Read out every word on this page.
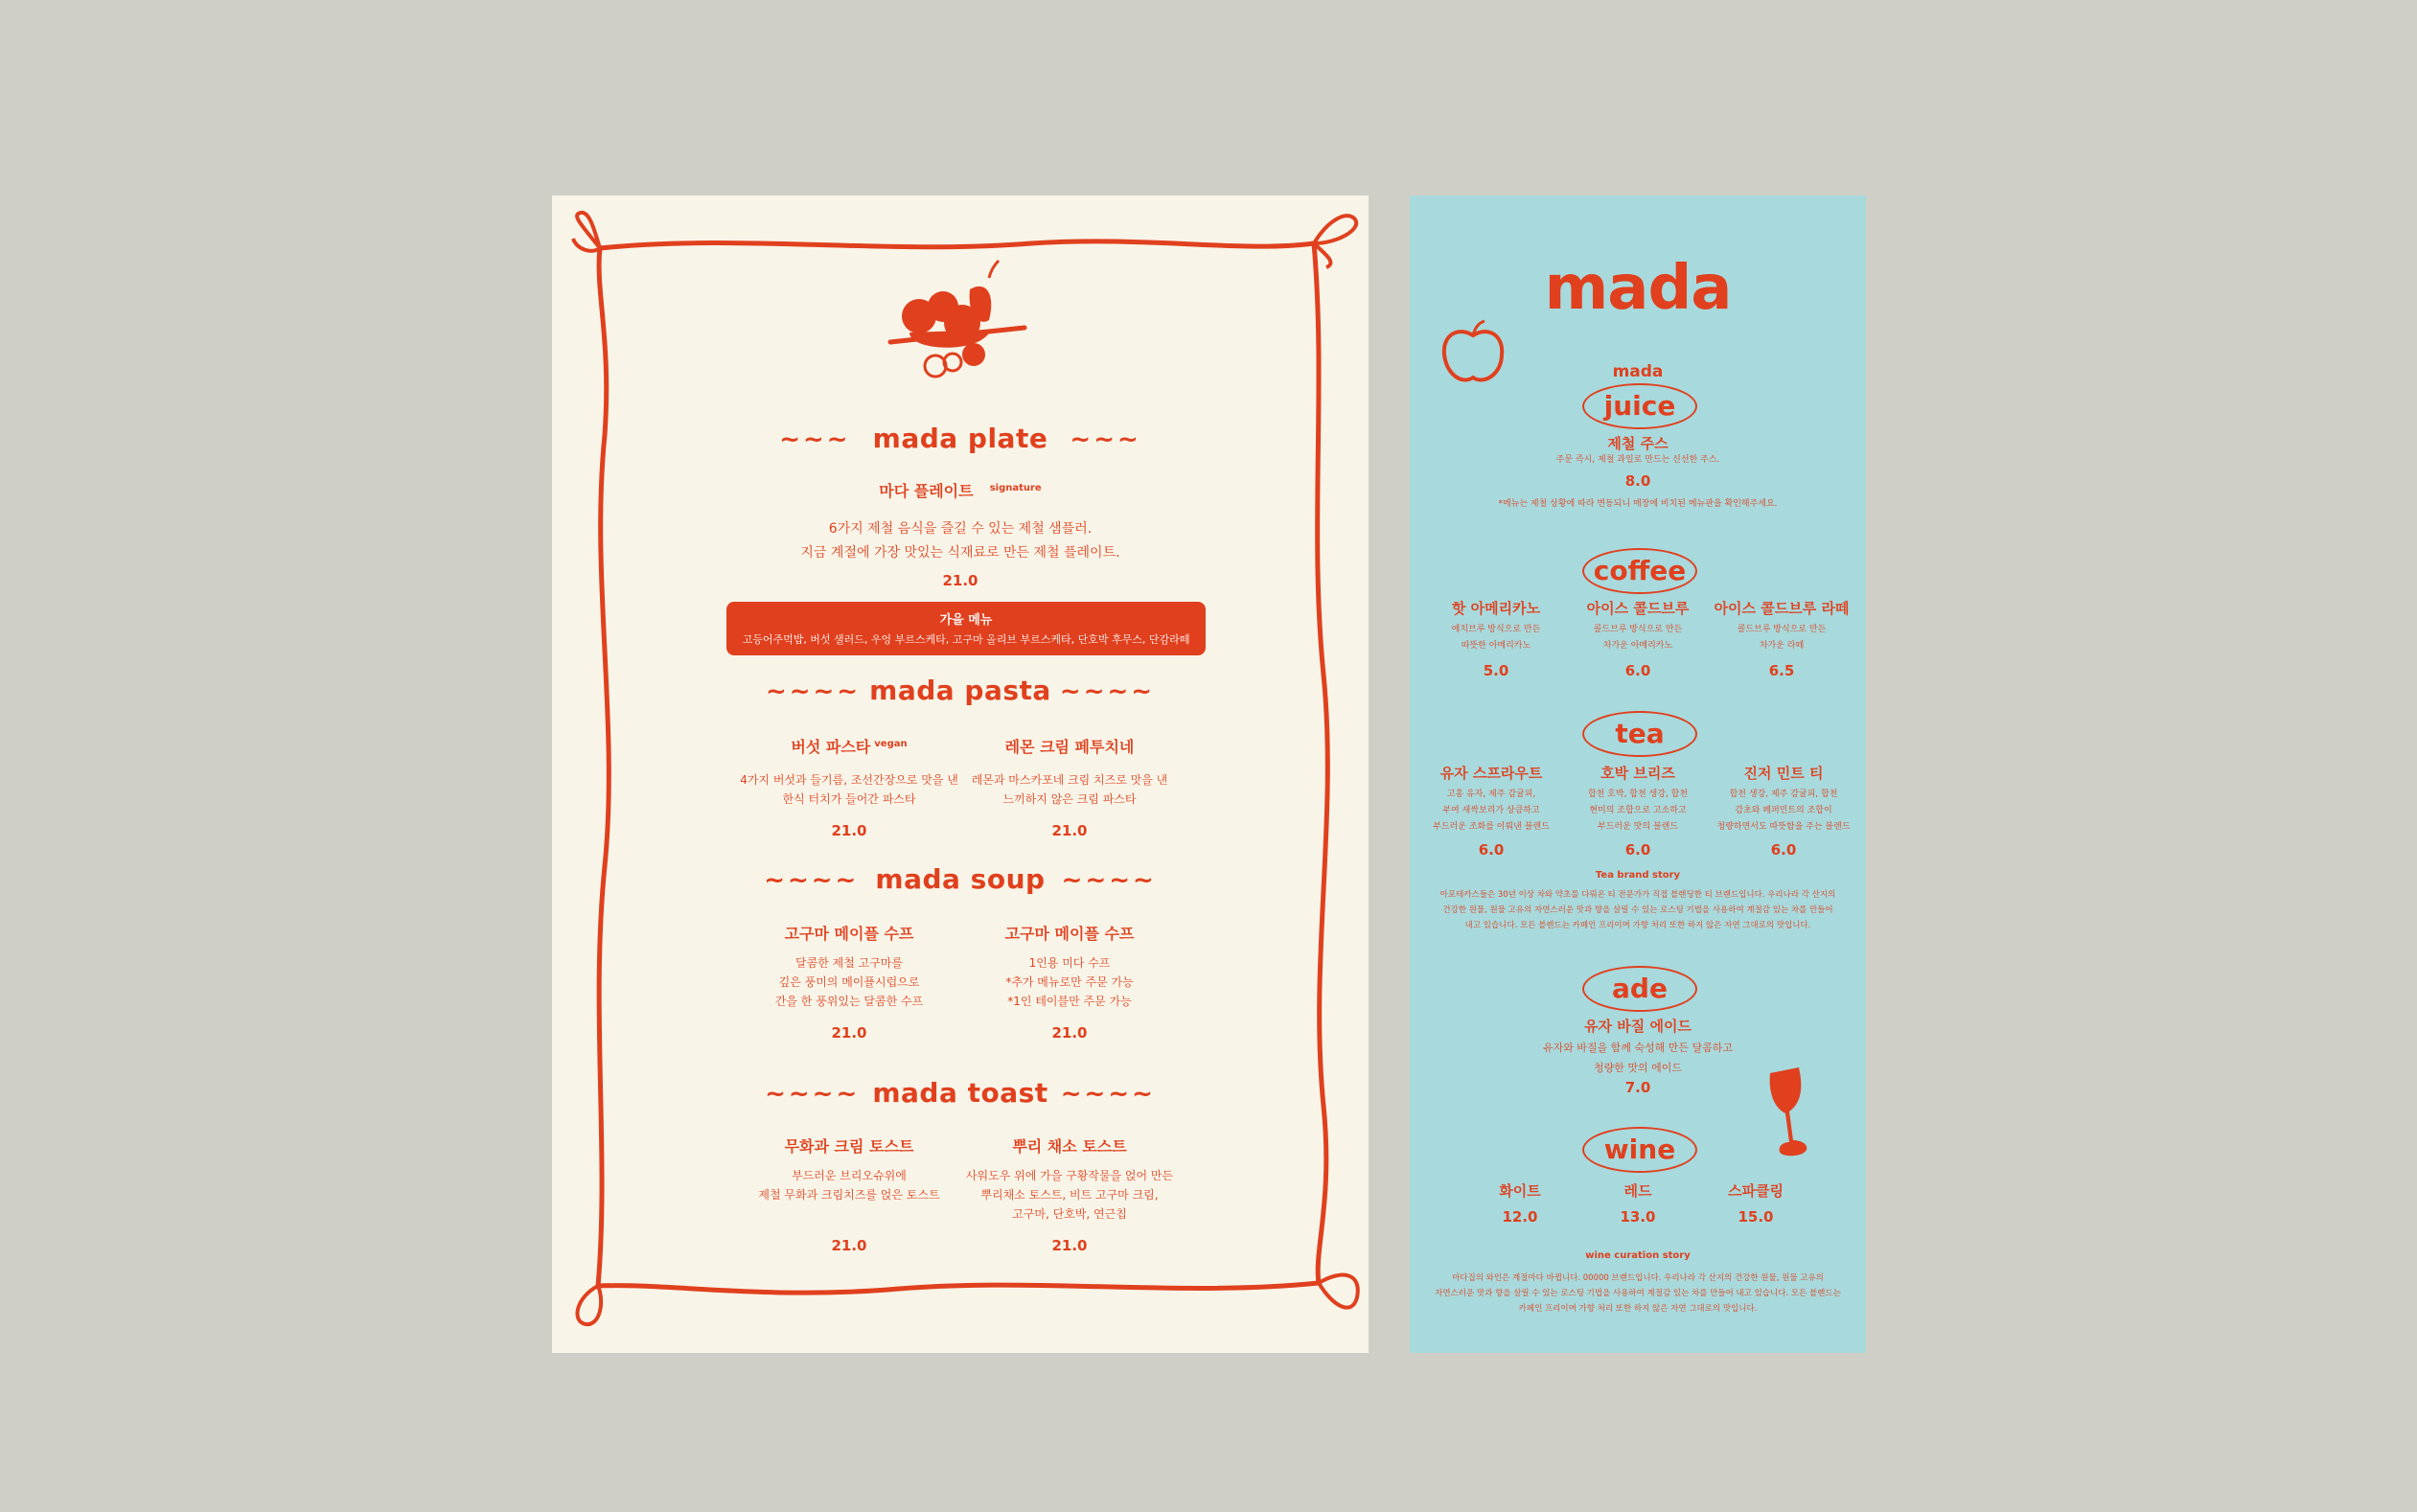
~~~ mada plate ~~~
마다 플레이트 $^{signature}$
6가지 제철 음식을 즐길 수 있는 제철 샘플러.
지금 계절에 가장 맛있는 식재료로 만든 제철 플레이트.
21.0
가을 메뉴
고등어주먹밥, 버섯 샐러드, 우엉 부르스케타, 고구마 올리브 부르스케타, 단호박 후무스, 단감라떼
~~~~ mada pasta ~~~~
버섯 파스타 $^{vegan}$
4가지 버섯과 들기름, 조선간장으로 맛을 낸
한식 터치가 들어간 파스타
21.0
레몬 크림 페투치네
레몬과 마스카포네 크림 치즈로 맛을 낸
느끼하지 않은 크림 파스타
21.0
~~~~ mada soup ~~~~
고구마 메이플 수프
달콤한 제철 고구마를
깊은 풍미의 메이플시럽으로
간을 한 풍위있는 달콤한 수프
21.0
고구마 메이플 수프
1인용 미다 수프
*추가 메뉴로만 주문 가능
*1인 테이블만 주문 가능
21.0
~~~~ mada toast ~~~~
무화과 크림 토스트
부드러운 브리오슈위에
제철 무화과 크림치즈를 얹은 토스트
21.0
뿌리 채소 토스트
사워도우 위에 가을 구황작물을 얹어 만든
뿌리채소 토스트, 비트 고구마 크림,
고구마, 단호박, 연근칩
21.0
mada
mada
juice
제철 주스
주문 즉시, 제철 과일로 만드는 신선한 주스.
8.0
*메뉴는 제철 상황에 따라 변동되니 매장에 비치된 메뉴판을 확인해주세요.
coffee
핫 아메리카노
에치브루 방식으로 만든
따뜻한 아메리카노
5.0
아이스 콜드브루
콜드브루 방식으로 만든
차가운 아메리카노
6.0
아이스 콜드브루 라떼
콜드브루 방식으로 만든
차가운 라떼
6.5
tea
유자 스프라우트
고흥 유자, 제주 감귤피,
부여 새싹보리가 상큼하고
부드러운 조화를 이뤄낸 블렌드
6.0
호박 브리즈
합천 호박, 합천 생강, 합천
현미의 조합으로 고소하고
부드러운 맛의 블렌드
6.0
진저 민트 티
합천 생강, 제주 감귤피, 합천
감초와 페퍼민트의 조합이
청량하면서도 따뜻함을 주는 블렌드
6.0
Tea brand story
아포테카스들은 30년 이상 차와 약초를 다뤄온 티 전문가가 직접 블렌딩한 티 브랜드입니다. 우리나라 각 산지의
건강한 원물, 원물 고유의 자연스러운 맛과 향을 살릴 수 있는 로스팅 기법을 사용하여 계절감 있는 차를 만들어
내고 있습니다. 모든 블렌드는 카페인 프리이며 가향 처리 또한 하지 않은 자연 그대로의 맛입니다.
ade
유자 바질 에이드
유자와 바질을 함께 숙성해 만든 달콤하고
청량한 맛의 에이드
7.0
wine
화이트
12.0
레드
13.0
스파클링
15.0
wine curation story
마다집의 와인은 계절마다 바뀝니다. 00000 브랜드입니다. 우리나라 각 산지의 건강한 원물, 원물 고유의
자연스러운 맛과 향을 살릴 수 있는 로스팅 기법을 사용하여 계절감 있는 차를 만들어 내고 있습니다. 모든 블렌드는
카페인 프리이며 가향 처리 또한 하지 않은 자연 그대로의 맛입니다.
